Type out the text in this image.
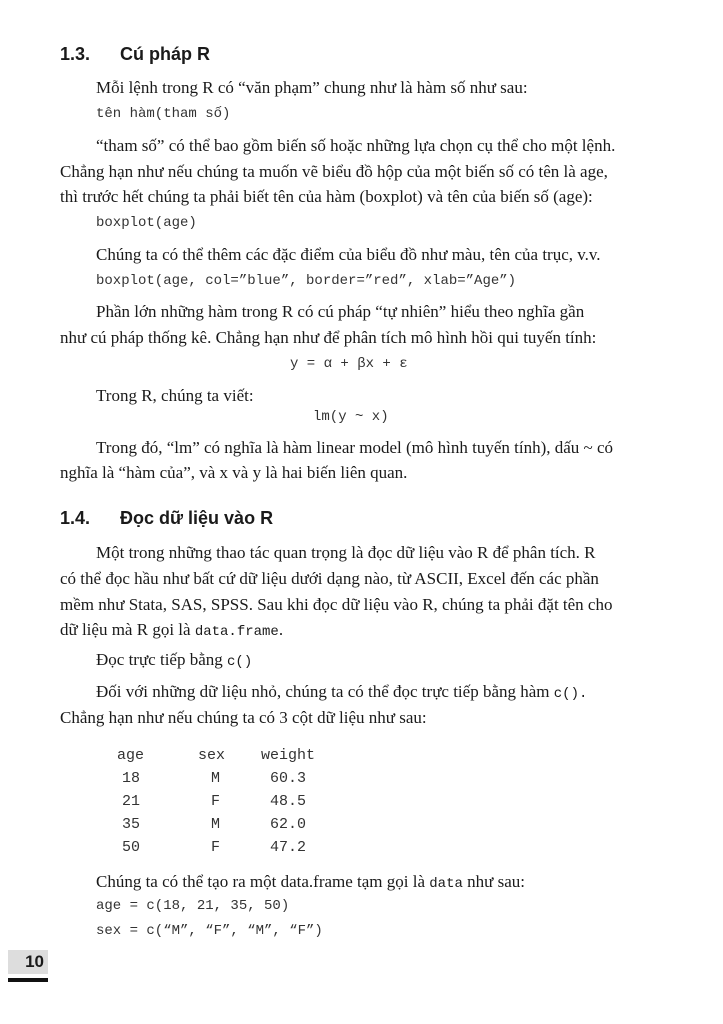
1.3. Cú pháp R
Mỗi lệnh trong R có “văn phạm” chung như là hàm số như sau:
tên hàm(tham số)
“tham số” có thể bao gồm biến số hoặc những lựa chọn cụ thể cho một lệnh.
Chẳng hạn như nếu chúng ta muốn vẽ biểu đồ hộp của một biến số có tên là age,
thì trước hết chúng ta phải biết tên của hàm (boxplot) và tên của biến số (age):
boxplot(age)
Chúng ta có thể thêm các đặc điểm của biểu đồ như màu, tên của trục, v.v.
boxplot(age, col=”blue”, border=”red”, xlab=”Age”)
Phần lớn những hàm trong R có cú pháp “tự nhiên” hiểu theo nghĩa gần
như cú pháp thống kê. Chẳng hạn như để phân tích mô hình hồi qui tuyến tính:
y = α + βx + ε
Trong R, chúng ta viết:
lm(y ~ x)
Trong đó, “lm” có nghĩa là hàm linear model (mô hình tuyến tính), dấu ~ có
nghĩa là “hàm của”, và x và y là hai biến liên quan.
1.4. Đọc dữ liệu vào R
Một trong những thao tác quan trọng là đọc dữ liệu vào R để phân tích. R
có thể đọc hầu như bất cứ dữ liệu dưới dạng nào, từ ASCII, Excel đến các phần
mềm như Stata, SAS, SPSS. Sau khi đọc dữ liệu vào R, chúng ta phải đặt tên cho
dữ liệu mà R gọi là data.frame.
Đọc trực tiếp bằng c()
Đối với những dữ liệu nhỏ, chúng ta có thể đọc trực tiếp bằng hàm c().
Chẳng hạn như nếu chúng ta có 3 cột dữ liệu như sau:
age	sex weight
18	M	60.3
21	F	48.5
35	M	62.0
50	F	47.2
Chúng ta có thể tạo ra một data.frame tạm gọi là data như sau:
age = c(18, 21, 35, 50)
sex = c(“M”, “F”, “M”, “F”)
10
